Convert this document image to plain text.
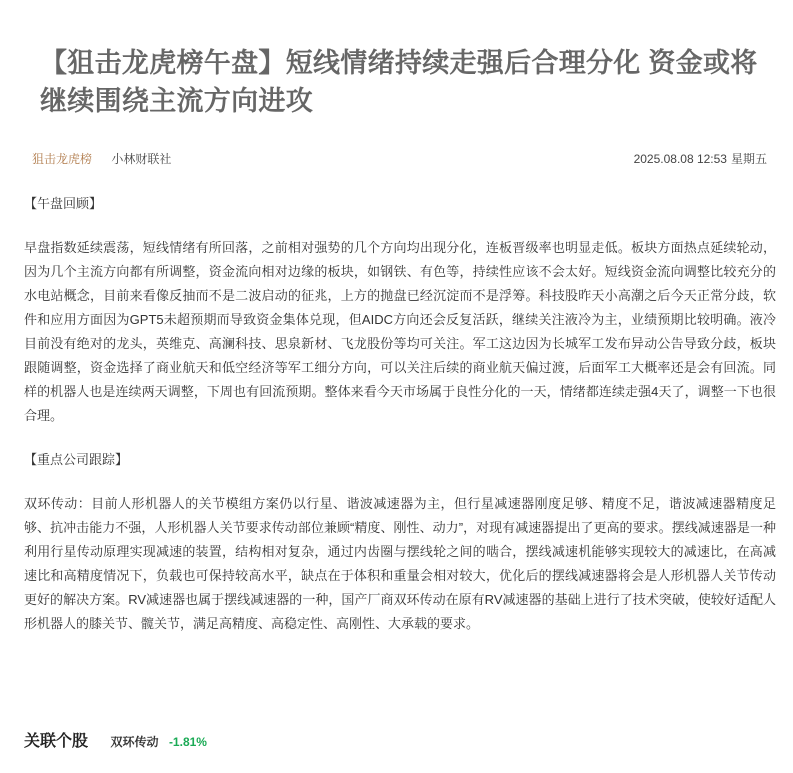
【狙击龙虎榜午盘】短线情绪持续走强后合理分化 资金或将继续围绕主流方向进攻
狙击龙虎榜 小林财联社	2025.08.08 12:53 星期五

【午盘回顾】

早盘指数延续震荡，短线情绪有所回落，之前相对强势的几个方向均出现分化，连板晋级率也明显走低。板块方面热点延续轮动，因为几个主流方向都有所调整，资金流向相对边缘的板块，如钢铁、有色等，持续性应该不会太好。短线资金流向调整比较充分的水电站概念，目前来看像反抽而不是二波启动的征兆，上方的抛盘已经沉淀而不是浮筹。科技股昨天小高潮之后今天正常分歧，软件和应用方面因为GPT5未超预期而导致资金集体兑现，但AIDC方向还会反复活跃，继续关注液冷为主，业绩预期比较明确。液冷目前没有绝对的龙头，英维克、高澜科技、思泉新材、飞龙股份等均可关注。军工这边因为长城军工发布异动公告导致分歧，板块跟随调整，资金选择了商业航天和低空经济等军工细分方向，可以关注后续的商业航天偏过渡，后面军工大概率还是会有回流。同样的机器人也是连续两天调整，下周也有回流预期。整体来看今天市场属于良性分化的一天，情绪都连续走强4天了，调整一下也很合理。

【重点公司跟踪】

双环传动：目前人形机器人的关节模组方案仍以行星、谐波减速器为主，但行星减速器刚度足够、精度不足，谐波减速器精度足够、抗冲击能力不强，人形机器人关节要求传动部位兼顾“精度、刚性、动力”，对现有减速器提出了更高的要求。摆线减速器是一种利用行星传动原理实现减速的装置，结构相对复杂，通过内齿圈与摆线轮之间的啮合，摆线减速机能够实现较大的减速比，在高减速比和高精度情况下，负载也可保持较高水平，缺点在于体积和重量会相对较大，优化后的摆线减速器将会是人形机器人关节传动更好的解决方案。RV减速器也属于摆线减速器的一种，国产厂商双环传动在原有RV减速器的基础上进行了技术突破，使较好适配人形机器人的膝关节、髋关节，满足高精度、高稳定性、高刚性、大承载的要求。

关联个股 双环传动 -1.81%
